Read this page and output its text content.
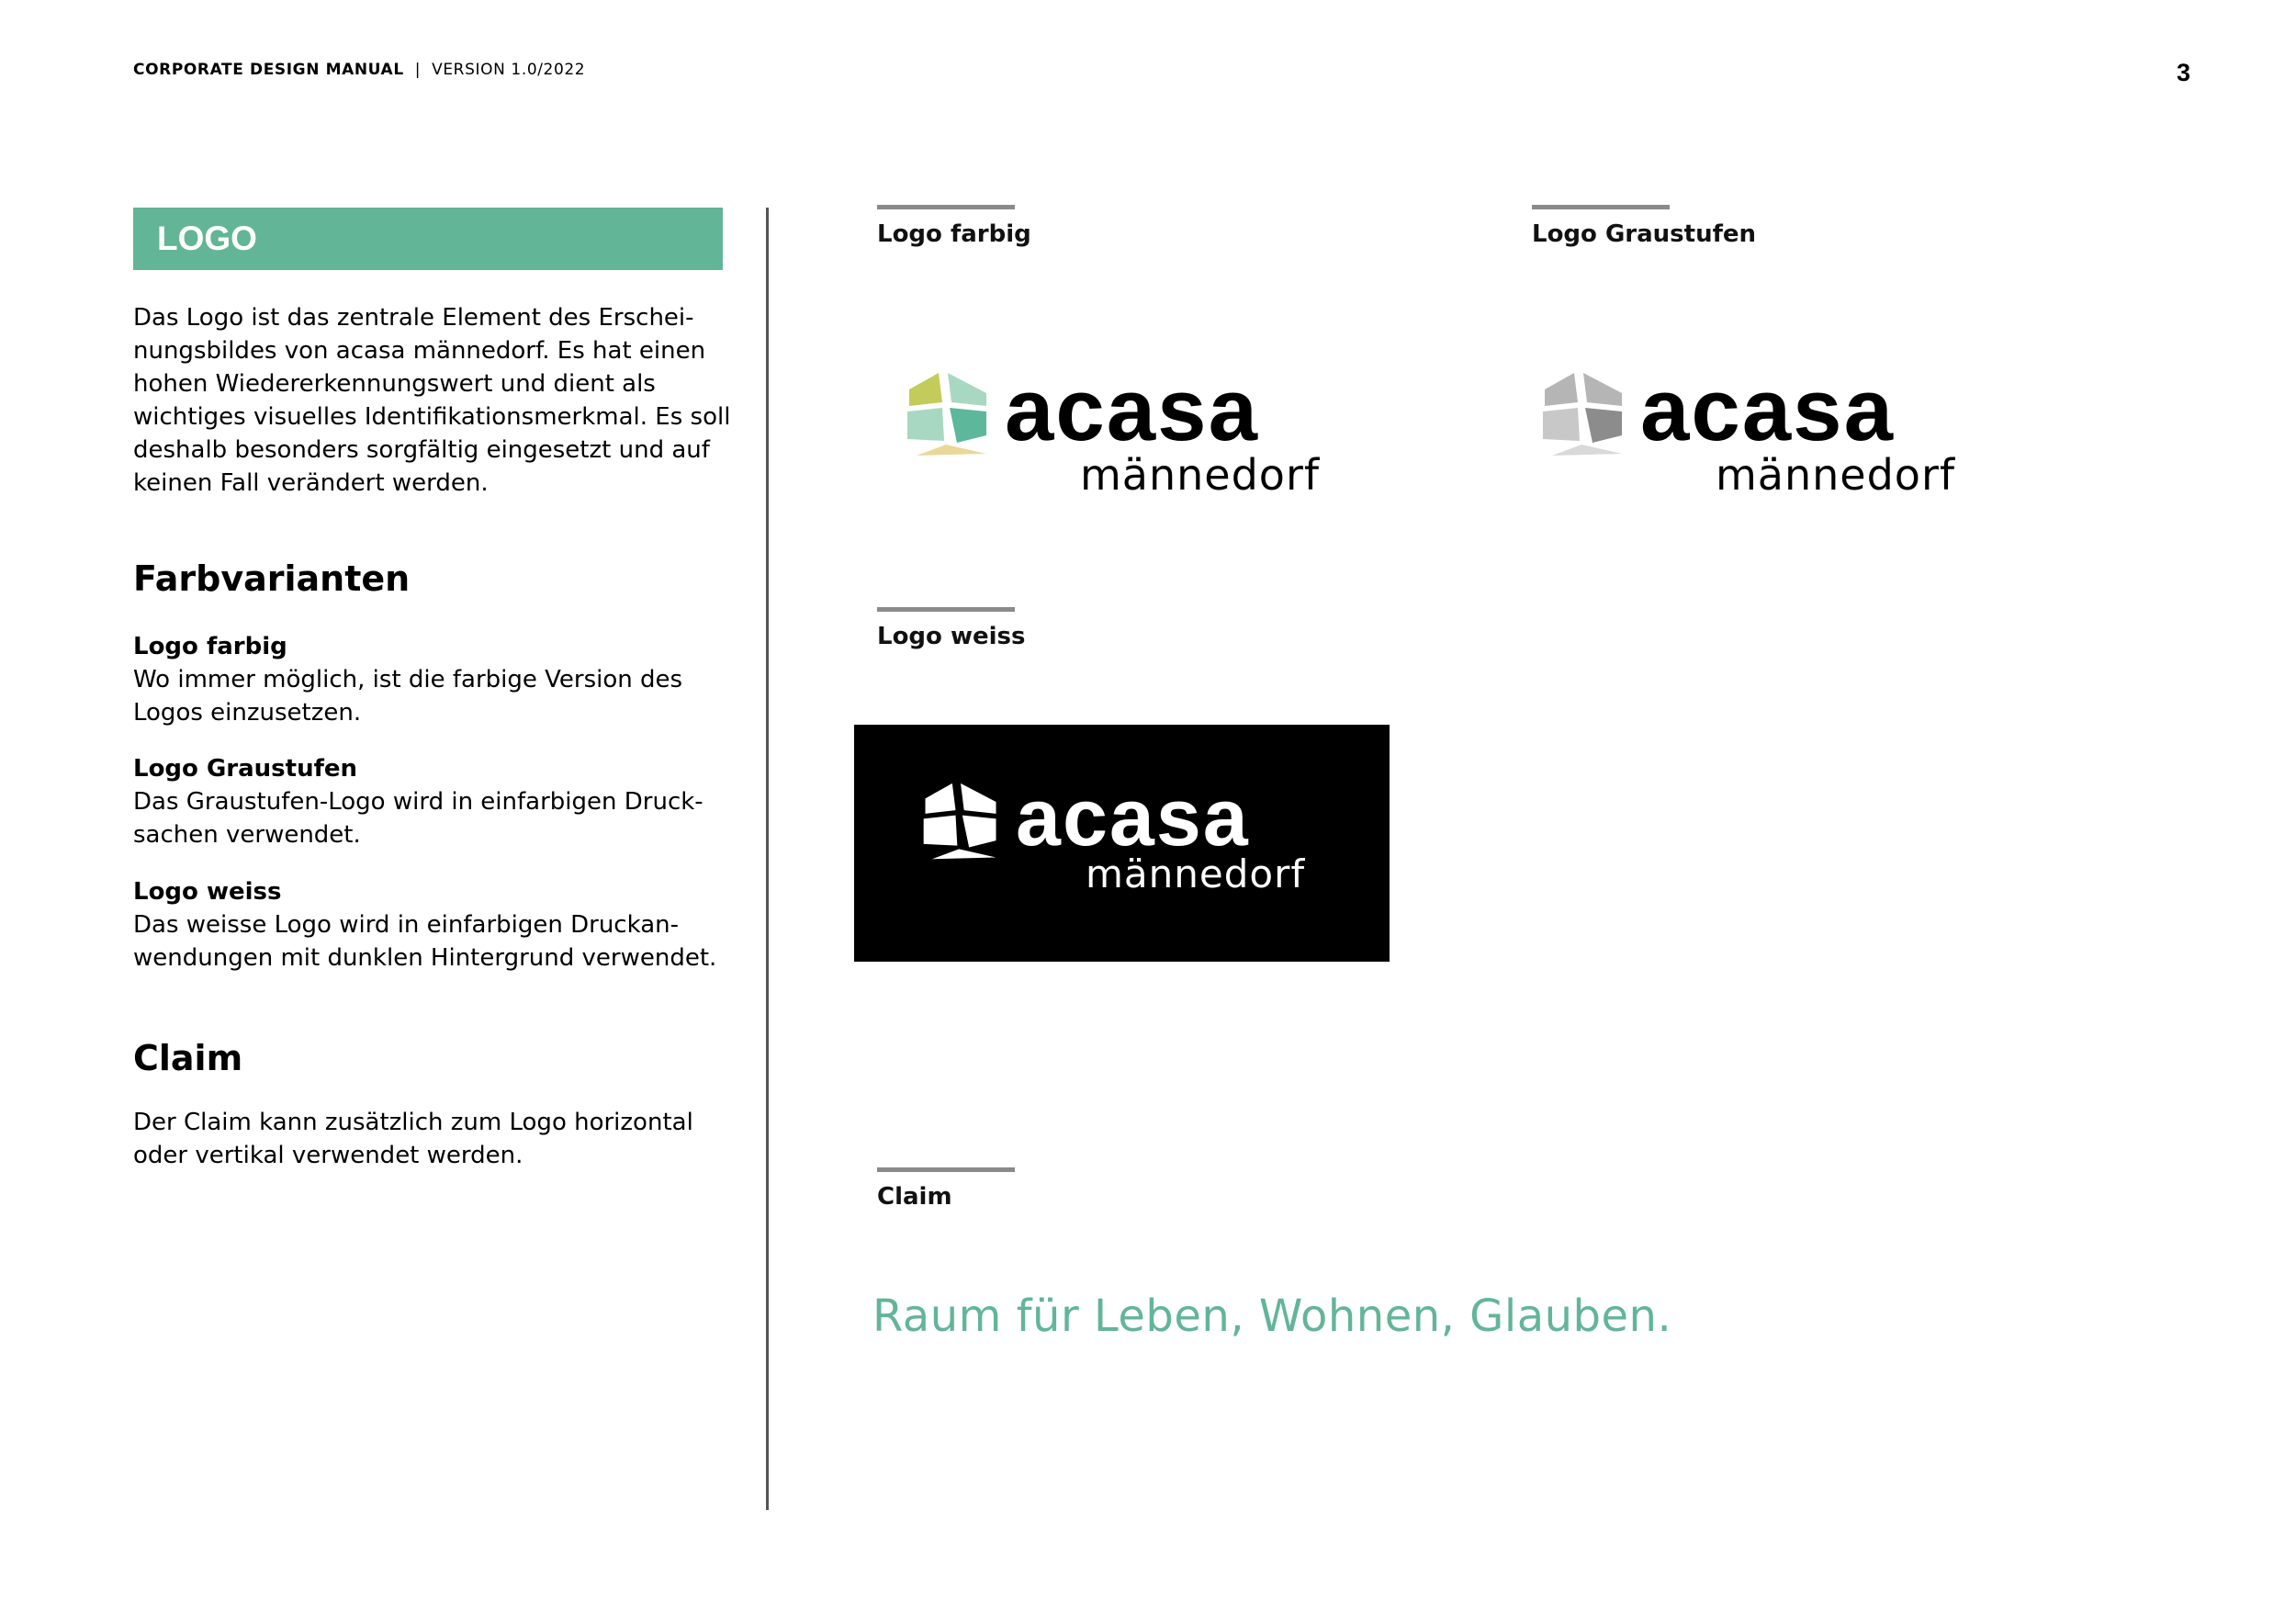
CORPORATE DESIGN MANUAL | VERSION 1.0/2022	3
LOGO

Das Logo ist das zentrale Element des Erschei-nungsbildes von acasa männedorf. Es hat einen hohen Wiedererkennungswert und dient als wichtiges visuelles Identifikationsmerkmal. Es soll deshalb besonders sorgfältig eingesetzt und auf keinen Fall verändert werden.

Farbvarianten
Logo farbig
Wo immer möglich, ist die farbige Version des Logos einzusetzen.
Logo Graustufen
Das Graustufen-Logo wird in einfarbigen Druck-sachen verwendet.
Logo weiss
Das weisse Logo wird in einfarbigen Druckan-wendungen mit dunklen Hintergrund verwendet.
Claim

Der Claim kann zusätzlich zum Logo horizontal oder vertikal verwendet werden.

Logo farbig	Logo Graustufen
Logo weiss
Claim
acasa
männedorf
acasa
männedorf
acasa
männedorf
Raum für Leben, Wohnen, Glauben.
